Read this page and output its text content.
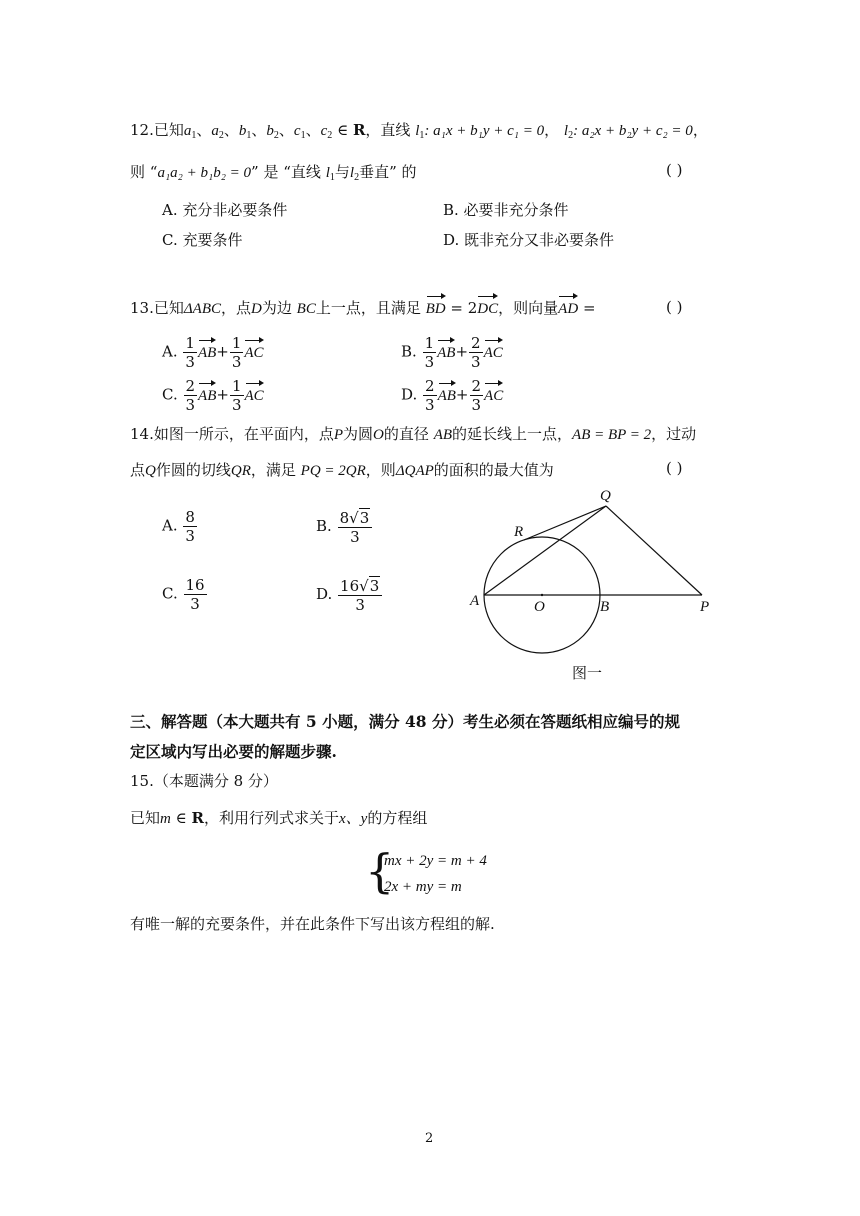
12.已知$a_1$、$a_2$、$b_1$、$b_2$、$c_1$、$c_2$ ∈ R，直线 $l_1$: a₁x + b₁y + c₁ = 0， $l_2$: a₂x + b₂y + c₂ = 0，
则 “a₁a₂ + b₁b₂ = 0” 是 “直线 $l_1$与$l_2$垂直” 的	( )
A. 充分非必要条件	B. 必要非充分条件
C. 充要条件	D. 既非充分又非必要条件
13.已知ΔABC，点D为边 BC上一点，且满足 BD = 2DC，则向量AD =	( )
A. $\frac{1}{3} AB+ \frac{1}{3}$ AC	B. $\frac{1}{3} AB+ \frac{2}{3}$ AC
C. $\frac{2}{3} AB+ \frac{1}{3}$ AC	D. $\frac{2}{3} AB+ \frac{2}{3}$ AC
14.如图一所示，在平面内，点P为圆O的直径 AB的延长线上一点，AB = BP = 2，过动
点Q作圆的切线QR，满足 PQ = 2QR，则ΔQAP的面积的最大值为	( )
A. $\frac{8}{3}$	B. $\frac{8√3}{3}$
C. $\frac{16}{3}$	D. $\frac{16√3}{3}$
Q
R
A	O	B	P
图一
三、解答题（本大题共有 5 小题，满分 48 分）考生必须在答题纸相应编号的规
定区域内写出必要的解题步骤.
15.（本题满分 8 分）
已知m ∈ R，利用行列式求关于x、y的方程组
{
mx + 2y = m + 4
2x + my = m
有唯一解的充要条件，并在此条件下写出该方程组的解.
2
